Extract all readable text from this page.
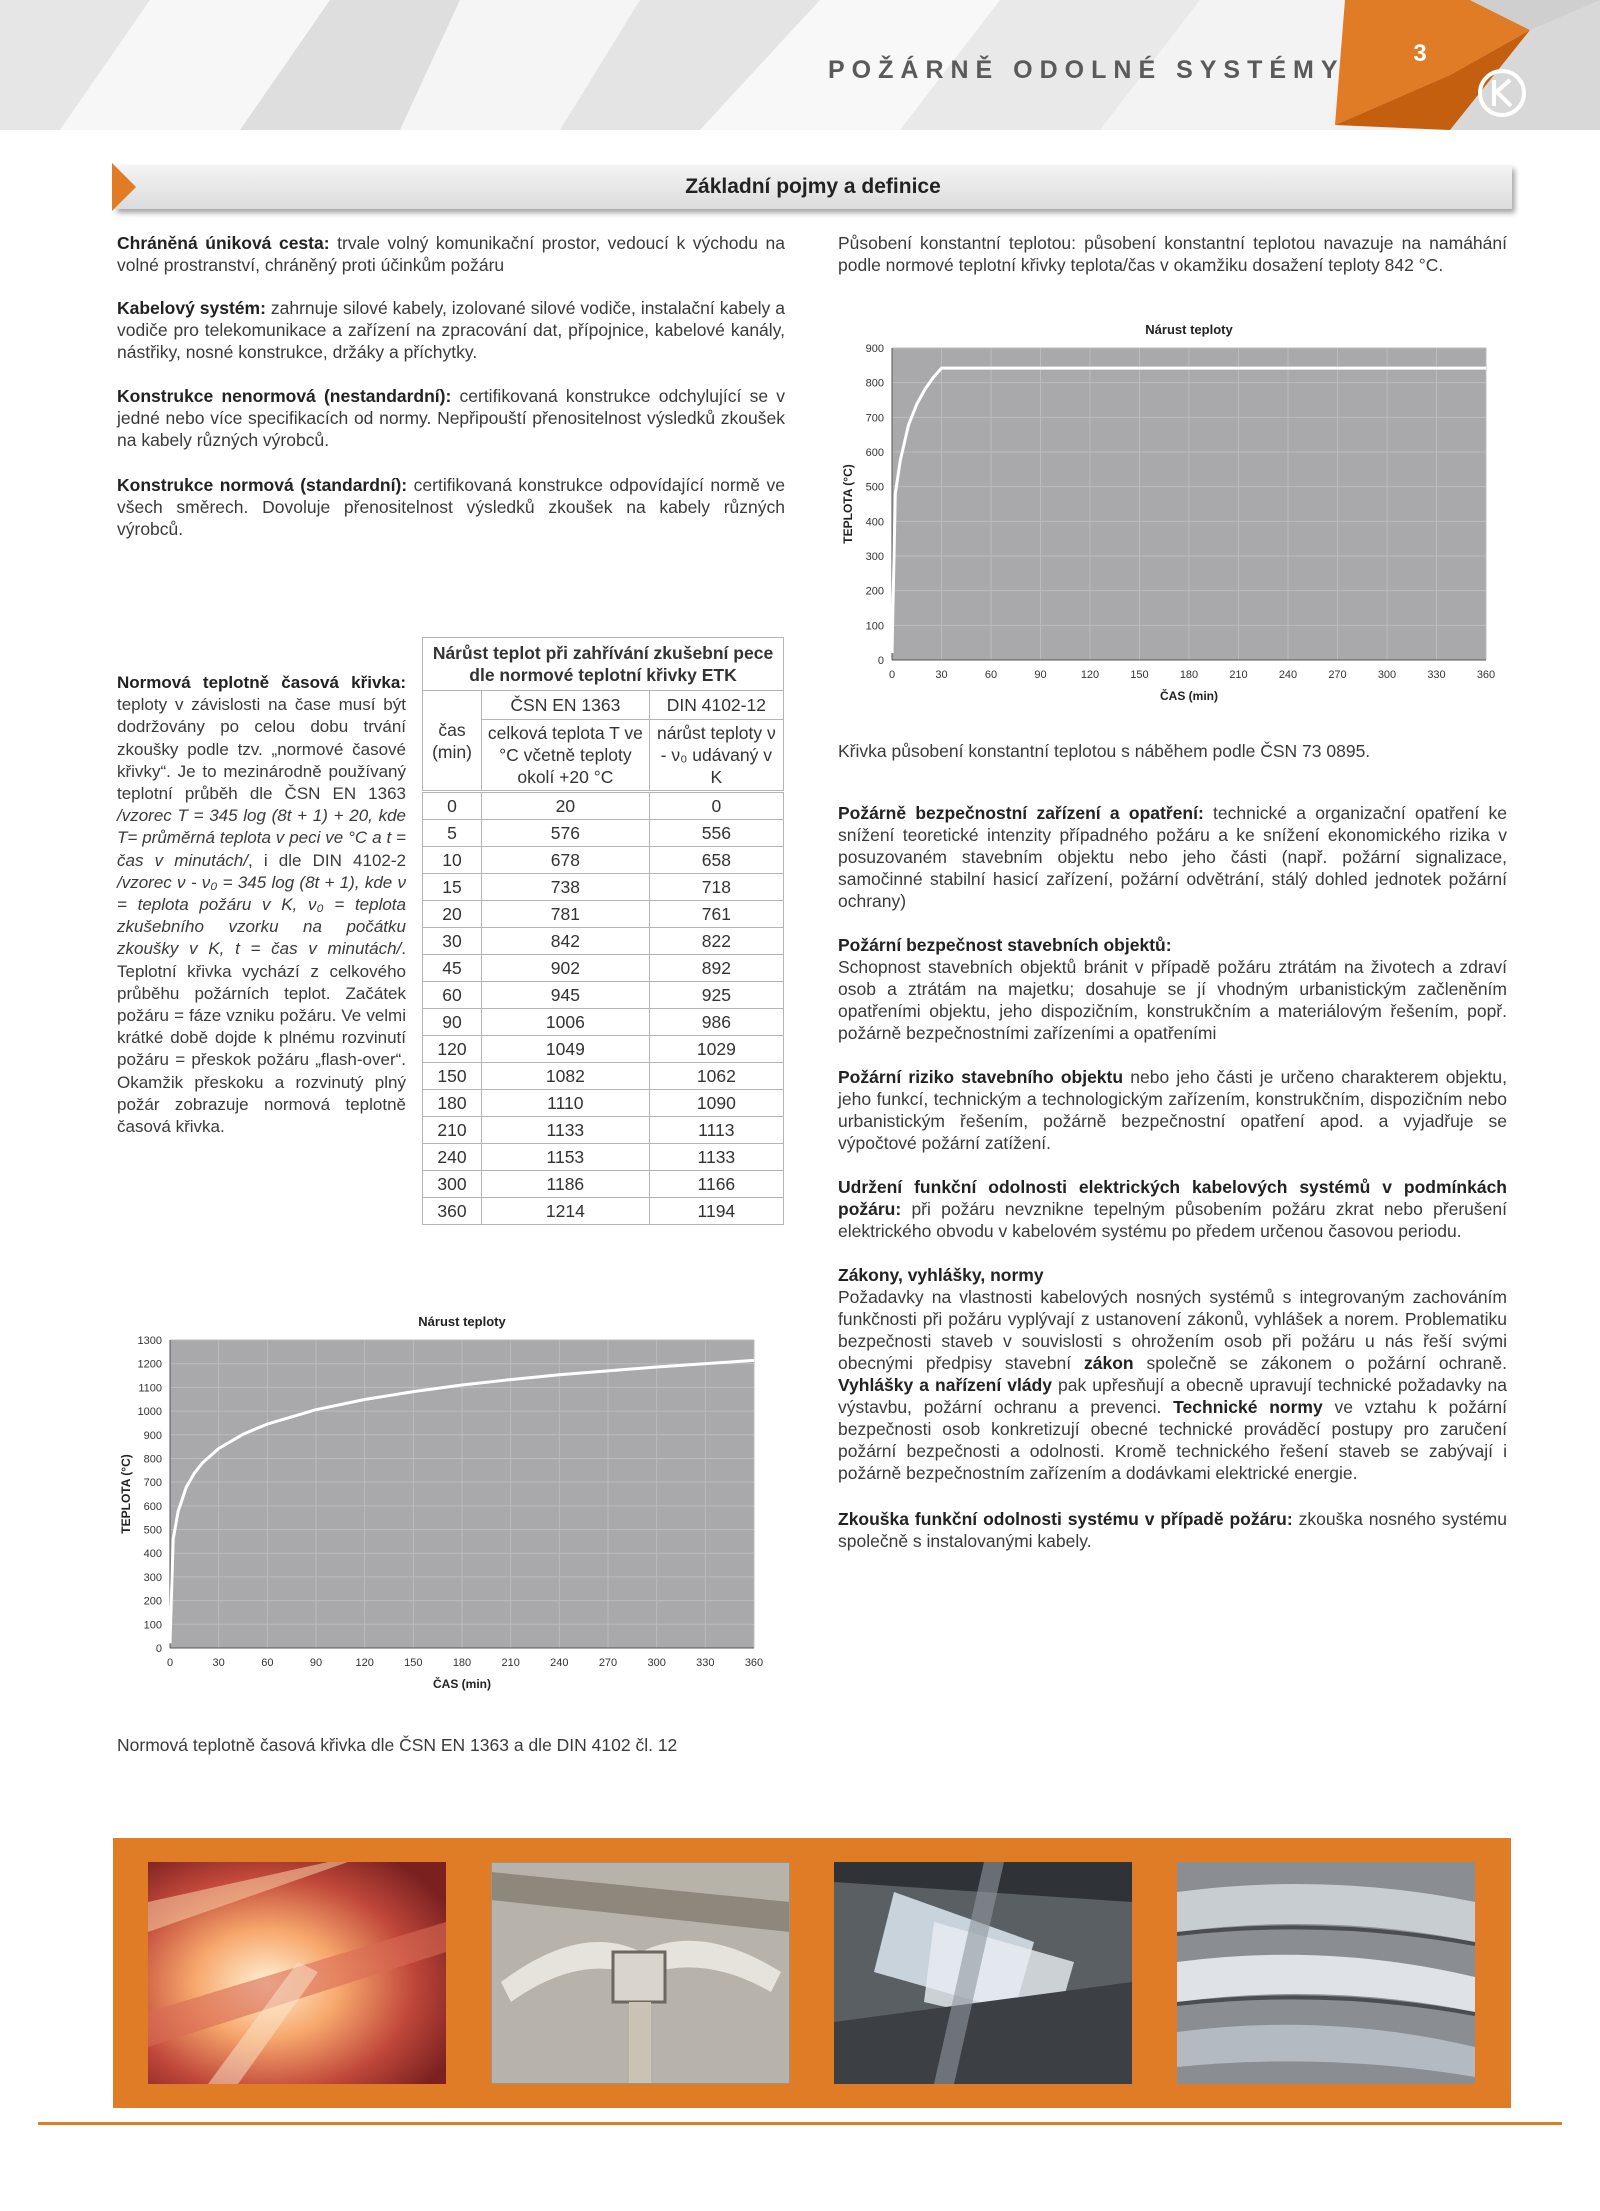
POŽÁRNĚ ODOLNÉ SYSTÉMY
3
Základní pojmy a definice
Chráněná úniková cesta: trvale volný komunikační prostor, vedoucí k východu na volné prostranství, chráněný proti účinkům požáru
Kabelový systém: zahrnuje silové kabely, izolované silové vodiče, instalační kabely a vodiče pro telekomunikace a zařízení na zpracování dat, přípojnice, kabelové kanály, nástřiky, nosné konstrukce, držáky a příchytky.
Konstrukce nenormová (nestandardní): certifikovaná konstrukce odchylující se v jedné nebo více specifikacích od normy. Nepřipouští přenositelnost výsledků zkoušek na kabely různých výrobců.
Konstrukce normová (standardní): certifikovaná konstrukce odpovídající normě ve všech směrech. Dovoluje přenositelnost výsledků zkoušek na kabely různých výrobců.
Normová teplotně časová křivka: teploty v závislosti na čase musí být dodržovány po celou dobu trvání zkoušky podle tzv. „normové časové křivky“. Je to mezinárodně používaný teplotní průběh dle ČSN EN 1363 /vzorec T = 345 log (8t + 1) + 20, kde T= průměrná teplota v peci ve °C a t = čas v minutách/, i dle DIN 4102-2 /vzorec ν - ν₀ = 345 log (8t + 1), kde ν = teplota požáru v K, ν₀ = teplota zkušebního vzorku na počátku zkoušky v K, t = čas v minutách/. Teplotní křivka vychází z celkového průběhu požárních teplot. Začátek požáru = fáze vzniku požáru. Ve velmi krátké době dojde k plnému rozvinutí požáru = přeskok požáru „flash-over“. Okamžik přeskoku a rozvinutý plný požár zobrazuje normová teplotně časová křivka.
Nárůst teplot při zahřívání zkušební pece dle normové teplotní křivky ETK		
čas (min)	ČSN EN 1363	DIN 4102-12
	celková teplota T ve °C včetně teploty okolí +20 °C	nárůst teploty ν - ν₀ udávaný v K
0	20	0
5	576	556
10	678	658
15	738	718
20	781	761
30	842	822
45	902	892
60	945	925
90	1006	986
120	1049	1029
150	1082	1062
180	1110	1090
210	1133	1113
240	1153	1133
300	1186	1166
360	1214	1194
0
100
200
300
400
500
600
700
800
900
0	30	60	90	120	150	180	210	240	270	300	330	360
Nárust teploty
ČAS (min)
TEPLOTA (°C)
Křivka působení konstantní teplotou s náběhem podle ČSN 73 0895.
0
100
200
300
400
500
600
700
800
900
1000
1100
1200
1300
0	30	60	90	120	150	180	210	240	270	300	330	360
Nárust teploty
ČAS (min)
TEPLOTA (°C)
Normová teplotně časová křivka dle ČSN EN 1363 a dle DIN 4102 čl. 12
Působení konstantní teplotou: působení konstantní teplotou navazuje na namáhání podle normové teplotní křivky teplota/čas v okamžiku dosažení teploty 842 °C.
Požárně bezpečnostní zařízení a opatření: technické a organizační opatření ke snížení teoretické intenzity případného požáru a ke snížení ekonomického rizika v posuzovaném stavebním objektu nebo jeho části (např. požární signalizace, samočinné stabilní hasicí zařízení, požární odvětrání, stálý dohled jednotek požární ochrany)
Požární bezpečnost stavebních objektů:
Schopnost stavebních objektů bránit v případě požáru ztrátám na životech a zdraví osob a ztrátám na majetku; dosahuje se jí vhodným urbanistickým začleněním opatřeními objektu, jeho dispozičním, konstrukčním a materiálovým řešením, popř. požárně bezpečnostními zařízeními a opatřeními
Požární riziko stavebního objektu nebo jeho části je určeno charakterem objektu, jeho funkcí, technickým a technologickým zařízením, konstrukčním, dispozičním nebo urbanistickým řešením, požárně bezpečnostní opatření apod. a vyjadřuje se výpočtové požární zatížení.
Udržení funkční odolnosti elektrických kabelových systémů v podmínkách požáru: při požáru nevznikne tepelným působením požáru zkrat nebo přerušení elektrického obvodu v kabelovém systému po předem určenou časovou periodu.
Zákony, vyhlášky, normy
Požadavky na vlastnosti kabelových nosných systémů s integrovaným zachováním funkčnosti při požáru vyplývají z ustanovení zákonů, vyhlášek a norem. Problematiku bezpečnosti staveb v souvislosti s ohrožením osob při požáru u nás řeší svými obecnými předpisy stavební zákon společně se zákonem o požární ochraně. Vyhlášky a nařízení vlády pak upřesňují a obecně upravují technické požadavky na výstavbu, požární ochranu a prevenci. Technické normy ve vztahu k požární bezpečnosti osob konkretizují obecné technické prováděcí postupy pro zaručení požární bezpečnosti a odolnosti. Kromě technického řešení staveb se zabývají i požárně bezpečnostním zařízením a dodávkami elektrické energie.
Zkouška funkční odolnosti systému v případě požáru: zkouška nosného systému společně s instalovanými kabely.
